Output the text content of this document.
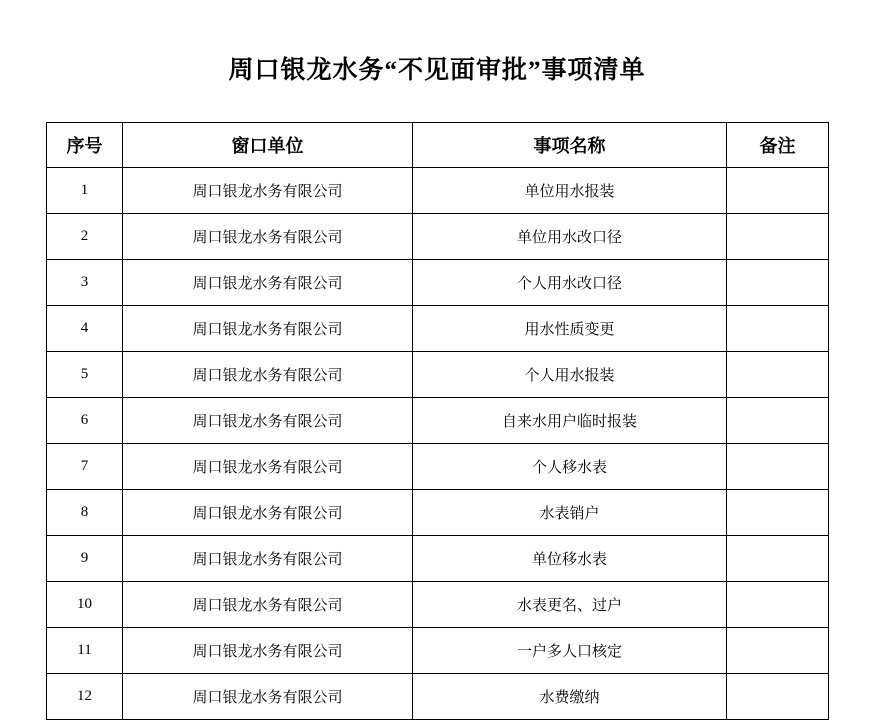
周口银龙水务“不见面审批”事项清单
序号	窗口单位	事项名称	备注
1	周口银龙水务有限公司	单位用水报装	
2	周口银龙水务有限公司	单位用水改口径	
3	周口银龙水务有限公司	个人用水改口径	
4	周口银龙水务有限公司	用水性质变更	
5	周口银龙水务有限公司	个人用水报装	
6	周口银龙水务有限公司	自来水用户临时报装	
7	周口银龙水务有限公司	个人移水表	
8	周口银龙水务有限公司	水表销户	
9	周口银龙水务有限公司	单位移水表	
10	周口银龙水务有限公司	水表更名、过户	
11	周口银龙水务有限公司	一户多人口核定	
12	周口银龙水务有限公司	水费缴纳	
